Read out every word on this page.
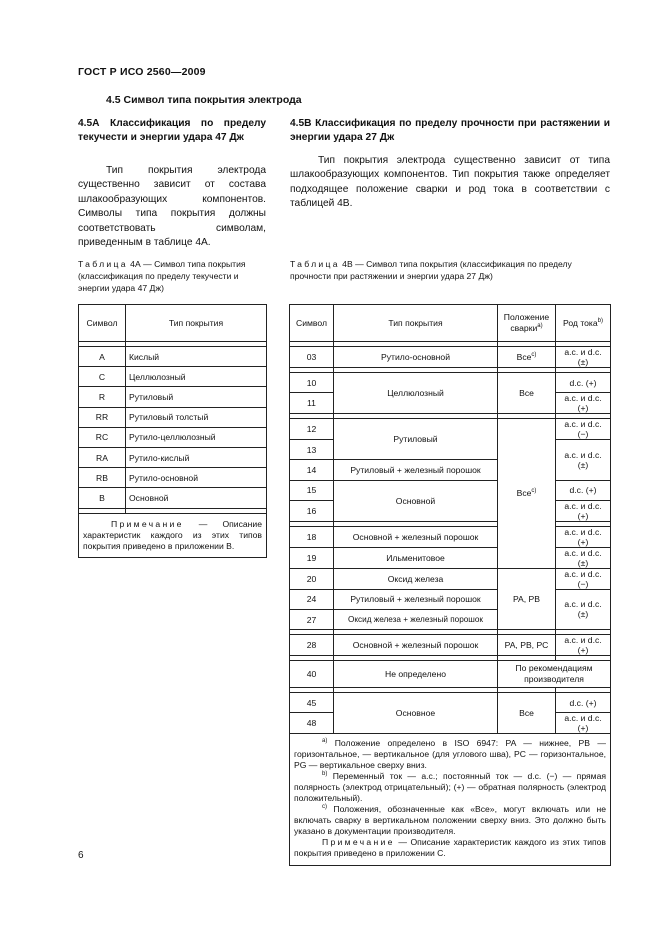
ГОСТ Р ИСО 2560—2009
4.5 Символ типа покрытия электрода
4.5А Классификация по пределу текучести и энергии удара 47 Дж
Тип покрытия электрода существенно зависит от состава шлакообразующих компонентов. Символы типа покрытия должны соответствовать символам, приведенным в таблице 4А.
4.5В Классификация по пределу прочности при растяжении и энергии удара 27 Дж
Тип покрытия электрода существенно зависит от типа шлакообразующих компонентов. Тип покрытия также определяет подходящее положение сварки и род тока в соответствии с таблицей 4В.
Таблица 4А — Символ типа покрытия (классификация по пределу текучести и энергии удара 47 Дж)
Символ	Тип покрытия

A	Кислый
C	Целлюлозный
R	Рутиловый
RR	Рутиловый толстый
RC	Рутило-целлюлозный
RA	Рутило-кислый
RB	Рутило-основной
B	Основной

Примечание — Описание характеристик каждого из этих типов покрытия приведено в приложении В.	
Таблица 4В — Символ типа покрытия (классификация по пределу прочности при растяжении и энергии удара 27 Дж)
Символ	Тип покрытия	Положение сварки$^{a)}$	Род тока$^{b)}$

03	Рутило-основной	Все$^{c)}$	a.c. и d.c. (±)

10	Целлюлозный	Все	d.c. (+)
11			a.c. и d.c. (+)

12	Рутиловый	Все$^{c)}$	a.c. и d.c. (−)
13			a.c. и d.c. (±)
14	Рутиловый + железный порошок		
15	Основной		d.c. (+)
16			a.c. и d.c. (+)

18	Основной + железный порошок		a.c. и d.c. (+)
19	Ильменитовое		a.c. и d.c. (±)
20	Оксид железа	PA, PB	a.c. и d.c. (−)
24	Рутиловый + железный порошок		a.c. и d.c. (±)
27	Оксид железа + железный порошок		

28	Основной + железный порошок	PA, PB, PC	a.c. и d.c. (+)

40	Не определено	По рекомендациям производителя	

45	Основное	Все	d.c. (+)
48			a.c. и d.c. (+)

$^{a)}$ Положение определено в ISO 6947: PA — нижнее, PB — горизонтальное, — вертикальное (для углового шва), PC — горизонтальное, PG — вертикальное сверху вниз.

$^{b)}$ Переменный ток — a.c.; постоянный ток — d.c. (−) — прямая полярность (электрод отрицательный); (+) — обратная полярность (электрод положительный).

$^{c)}$ Положения, обозначенные как «Все», могут включать или не включать сварку в вертикальном положении сверху вниз. Это должно быть указано в документации производителя.

Примечание — Описание характеристик каждого из этих типов покрытия приведено в приложении С.			

6
